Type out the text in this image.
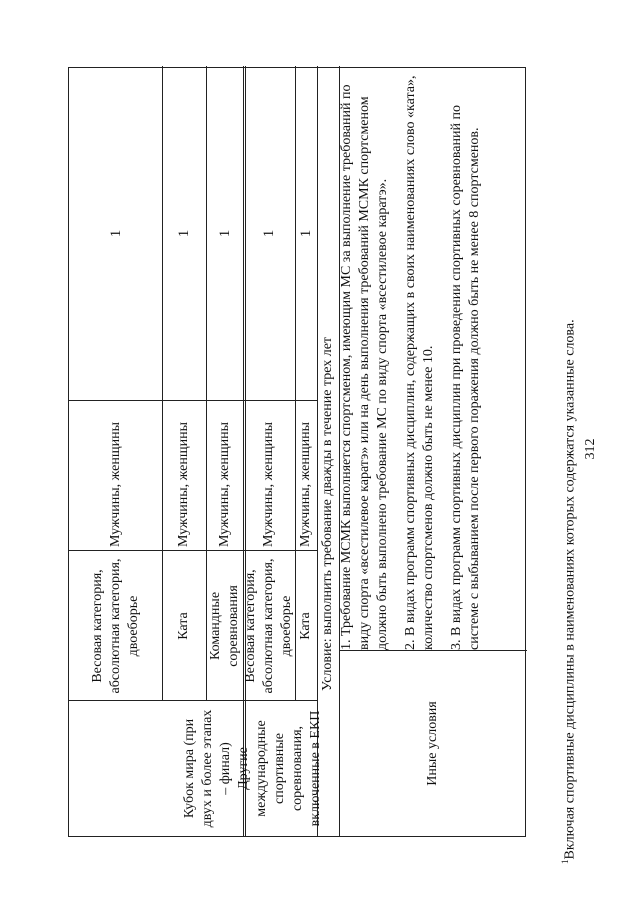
312
Кубок мира (при двух и более этапах – финал)
Весовая категория, абсолютная категория, двоеборье
Мужчины, женщины
1
Ката
Мужчины, женщины
1
Командные соревнования
Мужчины, женщины
1
Другие международные спортивные соревнования, включенные в ЕКП
Весовая категория, абсолютная категория, двоеборье
Мужчины, женщины
1
Ката
Мужчины, женщины
1
Условие: выполнить требование дважды в течение трех лет
Иные условия

1. Требование МСМК выполняется спортсменом, имеющим МС за выполнение требований по виду спорта «всестилевое каратэ» или на день выполнения требований МСМК спортсменом должно быть выполнено требование МС по виду спорта «всестилевое каратэ». 2. В видах программ спортивных дисциплин, содержащих в своих наименованиях слово «ката», количество спортсменов должно быть не менее 10. 3. В видах программ спортивных дисциплин при проведении спортивных соревнований по системе с выбыванием после первого поражения должно быть не менее 8 спортсменов.

$^1$Включая спортивные дисциплины в наименованиях которых содержатся указанные слова.
